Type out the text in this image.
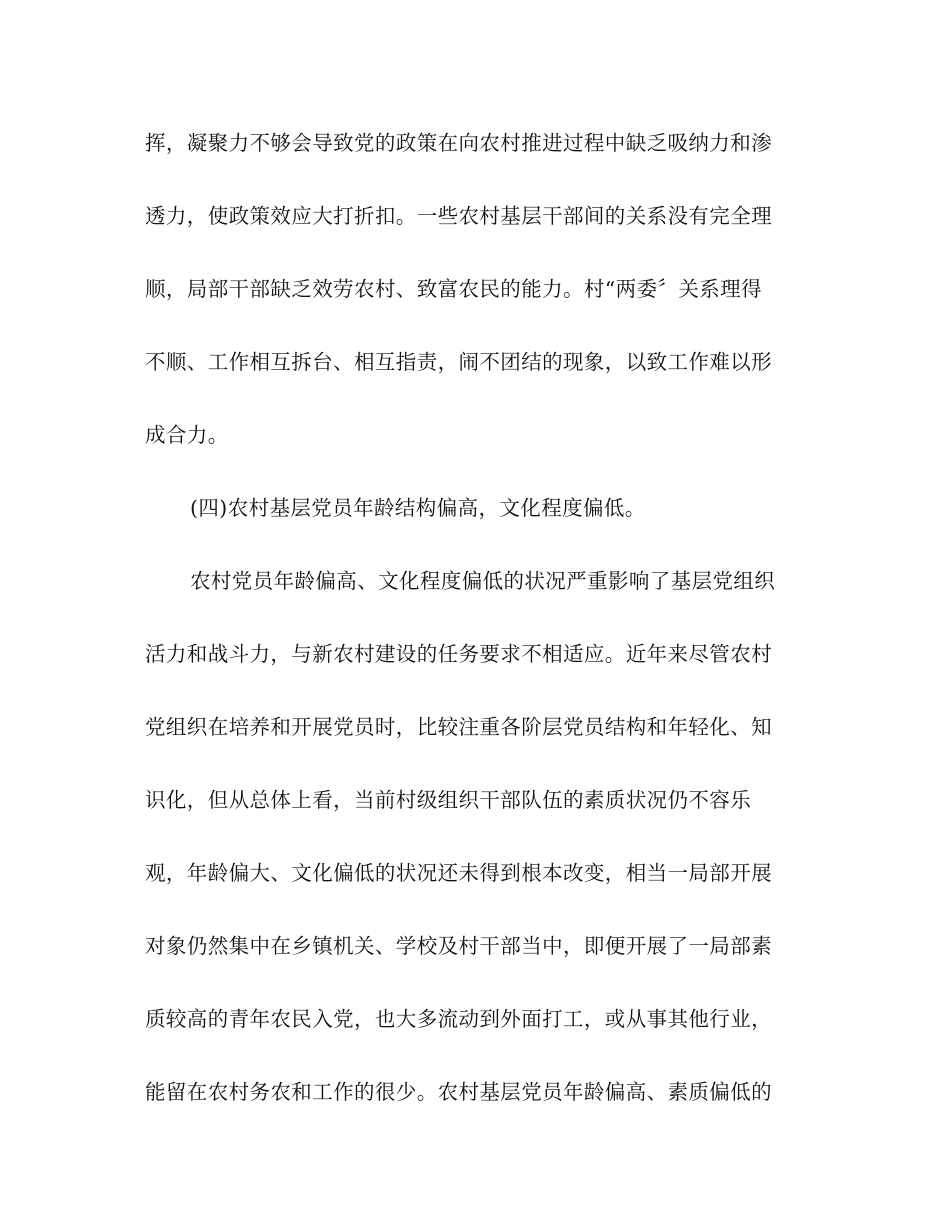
挥，凝聚力不够会导致党的政策在向农村推进过程中缺乏吸纳力和渗
透力，使政策效应大打折扣。一些农村基层干部间的关系没有完全理
顺，局部干部缺乏效劳农村、致富农民的能力。村“两委〞关系理得
不顺、工作相互拆台、相互指责，闹不团结的现象，以致工作难以形
成合力。
(四)农村基层党员年龄结构偏高，文化程度偏低。
农村党员年龄偏高、文化程度偏低的状况严重影响了基层党组织
活力和战斗力，与新农村建设的任务要求不相适应。近年来尽管农村
党组织在培养和开展党员时，比较注重各阶层党员结构和年轻化、知
识化，但从总体上看，当前村级组织干部队伍的素质状况仍不容乐
观，年龄偏大、文化偏低的状况还未得到根本改变，相当一局部开展
对象仍然集中在乡镇机关、学校及村干部当中，即便开展了一局部素
质较高的青年农民入党，也大多流动到外面打工，或从事其他行业，
能留在农村务农和工作的很少。农村基层党员年龄偏高、素质偏低的
